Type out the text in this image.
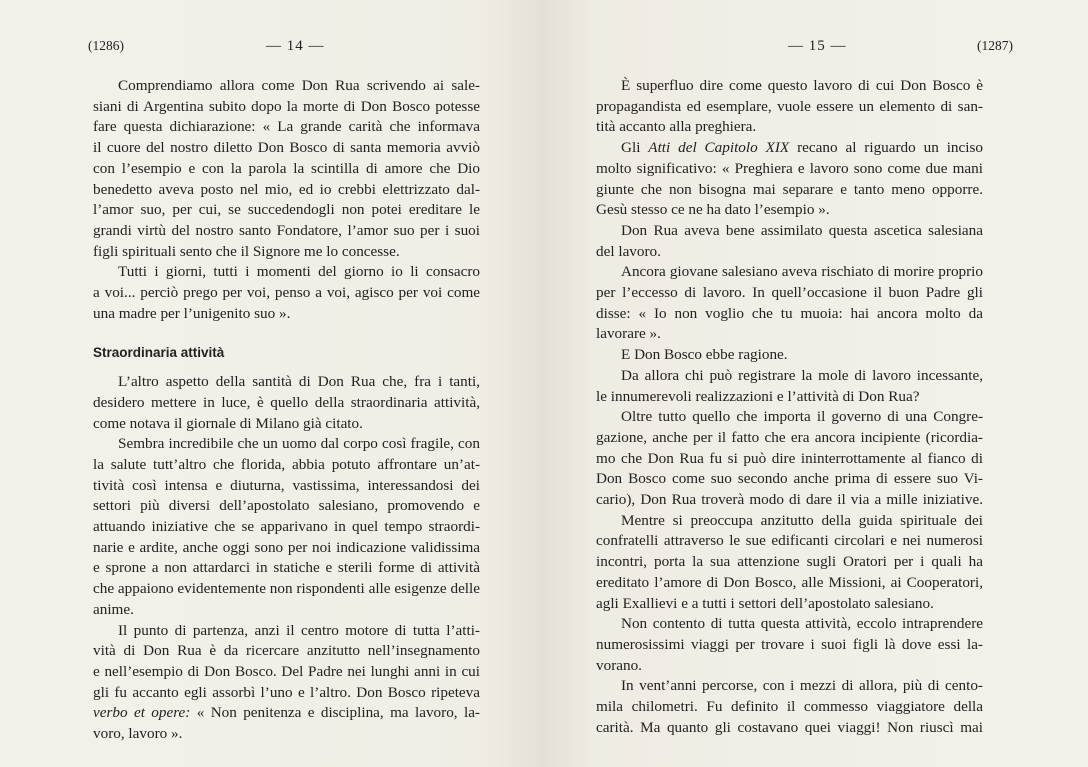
(1286)	— 14 —
Comprendiamo allora come Don Rua scrivendo ai sale-
siani di Argentina subito dopo la morte di Don Bosco potesse
fare questa dichiarazione: « La grande carità che informava
il cuore del nostro diletto Don Bosco di santa memoria avviò
con l’esempio e con la parola la scintilla di amore che Dio
benedetto aveva posto nel mio, ed io crebbi elettrizzato dal-
l’amor suo, per cui, se succedendogli non potei ereditare le
grandi virtù del nostro santo Fondatore, l’amor suo per i suoi
figli spirituali sento che il Signore me lo concesse.
Tutti i giorni, tutti i momenti del giorno io li consacro
a voi... perciò prego per voi, penso a voi, agisco per voi come
una madre per l’unigenito suo ».
Straordinaria attività
L’altro aspetto della santità di Don Rua che, fra i tanti,
desidero mettere in luce, è quello della straordinaria attività,
come notava il giornale di Milano già citato.
Sembra incredibile che un uomo dal corpo così fragile, con
la salute tutt’altro che florida, abbia potuto affrontare un’at-
tività così intensa e diuturna, vastissima, interessandosi dei
settori più diversi dell’apostolato salesiano, promovendo e
attuando iniziative che se apparivano in quel tempo straordi-
narie e ardite, anche oggi sono per noi indicazione validissima
e sprone a non attardarci in statiche e sterili forme di attività
che appaiono evidentemente non rispondenti alle esigenze delle
anime.
Il punto di partenza, anzi il centro motore di tutta l’atti-
vità di Don Rua è da ricercare anzitutto nell’insegnamento
e nell’esempio di Don Bosco. Del Padre nei lunghi anni in cui
gli fu accanto egli assorbì l’uno e l’altro. Don Bosco ripeteva
verbo et opere: « Non penitenza e disciplina, ma lavoro, la-
voro, lavoro ».
— 15 —	(1287)
È superfluo dire come questo lavoro di cui Don Bosco è
propagandista ed esemplare, vuole essere un elemento di san-
tità accanto alla preghiera.
Gli Atti del Capitolo XIX recano al riguardo un inciso
molto significativo: « Preghiera e lavoro sono come due mani
giunte che non bisogna mai separare e tanto meno opporre.
Gesù stesso ce ne ha dato l’esempio ».
Don Rua aveva bene assimilato questa ascetica salesiana
del lavoro.
Ancora giovane salesiano aveva rischiato di morire proprio
per l’eccesso di lavoro. In quell’occasione il buon Padre gli
disse: « Io non voglio che tu muoia: hai ancora molto da
lavorare ».
E Don Bosco ebbe ragione. Da allora chi può registrare la mole di lavoro incessante,
le innumerevoli realizzazioni e l’attività di Don Rua?
Oltre tutto quello che importa il governo di una Congre-
gazione, anche per il fatto che era ancora incipiente (ricordia-
mo che Don Rua fu si può dire ininterrottamente al fianco di
Don Bosco come suo secondo anche prima di essere suo Vi-
cario), Don Rua troverà modo di dare il via a mille iniziative.
Mentre si preoccupa anzitutto della guida spirituale dei
confratelli attraverso le sue edificanti circolari e nei numerosi
incontri, porta la sua attenzione sugli Oratori per i quali ha
ereditato l’amore di Don Bosco, alle Missioni, ai Cooperatori,
agli Exallievi e a tutti i settori dell’apostolato salesiano.
Non contento di tutta questa attività, eccolo intraprendere
numerosissimi viaggi per trovare i suoi figli là dove essi la-
vorano.
In vent’anni percorse, con i mezzi di allora, più di cento-
mila chilometri. Fu definito il commesso viaggiatore della
carità. Ma quanto gli costavano quei viaggi! Non riuscì mai
